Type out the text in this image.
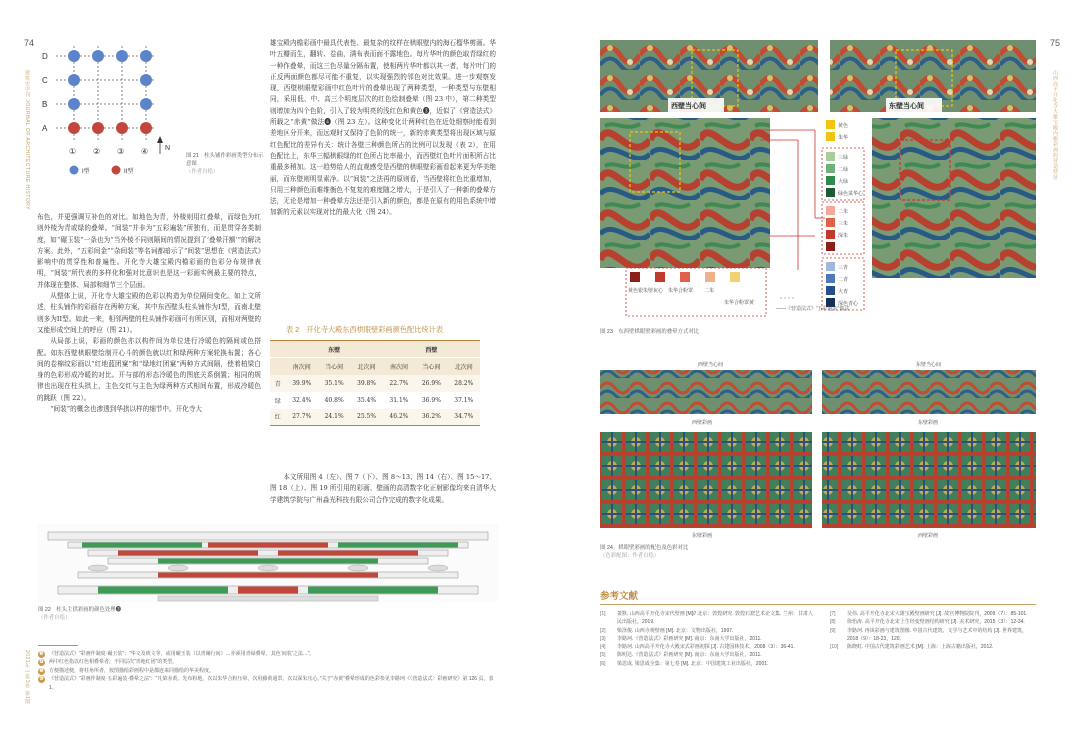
74
建筑史学刊 JOURNAL OF ARCHITECTURE HISTORY
2021年 | 第3卷 第1期
D
C
B
A
① ② ③ ④ N
I型	II型
图 21　柱头铺作彩画类型分布示意图
（作者自绘）

布色，并更强调互补色的对比。如地色为青，外棱则用红叠晕，而绿色为红则外棱为青或绿的叠晕。“间装”并非为“五彩遍装”所独有，而是贯穿各类制度，如“碾玉装”一条也为“当外棱不同则隔间的情况提到了‘叠晕汗额’”的解决方案。此外，“五彩间金”“杂间装”等名词都暗示了“间装”思想在《营造法式》影响中的贯穿性和普遍性。开化寺大雄宝殿内檐彩画的色彩分布规律表明，“间装”所代表的多样化和强对比意识也是这一彩画实例最主要的特点，并体现在整体、局部和细节三个层面。

从整体上说，开化寺大雄宝殿的色彩以构造为单位隔间变化。如上文所述，柱头铺作的彩画存在两种方案，其中东西壁头柱头铺作为I型，而南北壁则多为II型。如此一来，相邻两壁的柱头铺作彩画可有所区别，而相对两壁的又能形成空间上的呼应（图 21）。

从局部上说，彩画的颜色亦以构件间为单位进行冷暖色的隔间或色搭配。如东西壁栱眼壁绘制开心斗的颜色就以红和绿两种方案轮换布置；各心间的卷棉纹彩画以“红地蓝团窠”和“绿地红团窠”两种方式间隔，使着柏梁白身的色彩形成冷暖的对比。开与部的形态冷暖色的图底关系倒置；相同的规律也出现在柱头拱上，主色交红与主色为绿两种方式相间布置，形成冷暖色的跳跃（图 22）。

“间装”的概念也渗透到华拱以样的细节中。开化寺大

雄宝殿内檐彩画中最具代表性、最复杂的纹样在栱眼壁内的海石榴华剪画。华叶五瓣而生，翻转、卷曲，满布表而面不露地色。每片华叶的颜色取青绿红的一种作叠晕，而这三色尽量分隔布置，使相两片华叶都以其一者，每片叶门的正反两面颜色都尽可能不重复，以实现强烈的邻色对比效果。进一步观察发现，西壁栱眼壁彩画中红色叶片的叠晕出现了两种类型，一种类型与东壁相同，采用低、中、高三个明度层次的红色绘制叠晕（图 23 中），第二种类型则增加为四个色阶，引入了较为明亮的浅红色和黄色❸，近似了《营造法式》所载之“赤黄”做法❹（图 23 左）。这种变化计两种红色在近处细察时能看到差地区分开来，而远观时又保持了色阶的统一，新的赤黄类型将出现区域与原红色配比的差异有关：统计各壁三种颜色所占的比例可以发现（表 2），在用色配比上，东华三幅栱眼绿的红色所占比率最小，而西壁红色叶片面积所占比重最多稍加。这一趋势给人的直观感受是西壁的栱眼壁彩画看起来更为华美绝丽，而东壁则明显素净。以“间装”之法再的原则看，当西壁将红色比重增加，只用三种颜色而难维衡色不复复的难度随之增大，于是引入了一种新的叠晕方法，无论是增加一种叠晕方法还是引入新的颜色，都是在原有的用色系统中增加新的元素以实现对比的最大化（图 24）。

表 2　开化寺大殿东西栱眼壁彩画颜色配比统计表
	东壁			西壁		
	南次间	当心间	北次间	南次间	当心间	北次间
青	39.9%	35.1%	39.8%	22.7%	26.9%	28.2%
绿	32.4%	40.8%	35.4%	31.1%	36.9%	37.1%
红	27.7%	24.1%	25.5%	46.2%	36.2%	34.7%

本文所用图 4（左）、图 7（下）、图 8～13、图 14（右）、图 15～17、图 18（上）、图 19 所引用的彩画、壁画的高清数字化正射影像均来自清华大学建筑学院与广州淼光科技有限公司合作完成的数字化成果。

图 22　柱头主供彩画的颜色处理❸
（作者自绘）
❸ 《营造法式》“彩画作制度·碾玉装”：“华文及琐文等，或用碾玉装（以青阑行间）…亦须用青绿叠晕，其色‘间装’之法…”。
❹ 两中红色指以红色相叠晕者，不同层次“青地红团”的类型。
❺ 方便描述便，将柱角所者，按图描绘彩画程中是都连来同描绘的华美程度。
❻ 《营造法式》“彩画作制度·五彩遍装·叠晕之法”：“凡染赤黄，先布粉地，次以朱华合粉压晕，次用藤黄通罩，次以深朱压心。”关于“赤黄”叠晕形成的色彩参见李路珂《〈营造法式〉彩画研究》第 126 页，表 1。
75
山西高平开化寺大雄宝殿内檐彩画的营造特征
西壁当心间	东壁当心间
黄色
朱华
三绿
二绿
大绿
绿色菜华心
二朱
三朱
深朱
三青
二青
大青
深色青心
黄色银朱壁灰心 朱华合粉罩 二朱
朱华合粉罩黄
——《营造法式》“五彩遍装”做法
图 23　东西壁栱眼壁彩画的叠晕方式对比
西壁当心间	东壁当心间
西壁彩画	东壁彩画
东壁彩画	西壁彩画
图 24　栱眼壁彩画的配色及色彩对比
（色彩配图：作者自绘）
参考文献
[1]	萧默. 山西高平开化寺宋代壁画 [M]// 北京：敦煌研究. 敦煌石窟艺术论文集. 兰州：甘肃人民出版社，2019.
[2]	柴泽俊. 山西寺观壁画 [M]. 北京：文物出版社，1997.
[3]	李路珂.《营造法式》彩画研究 [M]. 南京：东南大学出版社，2011.
[4]	李路珂. 山西高平开化寺大殿宋式彩画初探 [J]. 古建园林技术，2008（3）：36-41.
[5]	陈明达.《营造法式》彩画研究 [M]. 南京：东南大学出版社，2011.
[6]	梁思成. 梁思成全集：第七卷 [M]. 北京：中国建筑工业出版社，2001.
[7]	吴伟. 高平开化寺北宋大雄宝殿壁画研究 [J]. 故宫博物院院刊，2009（7）：85-101.
[8]	徐怡涛. 高平开化寺北宋上生经变壁画结构研究 [J]. 美术研究，2015（3）：12-34.
[9]	李路珂. 再谈彩画与建筑图像. 中国古代建筑、文学与艺术中的结构 [J]. 世界建筑，2018（9）：18-23，120.
[10]	陈晓虹. 中国古代建筑彩画艺术 [M]. 上海：上海古籍出版社，2012.
